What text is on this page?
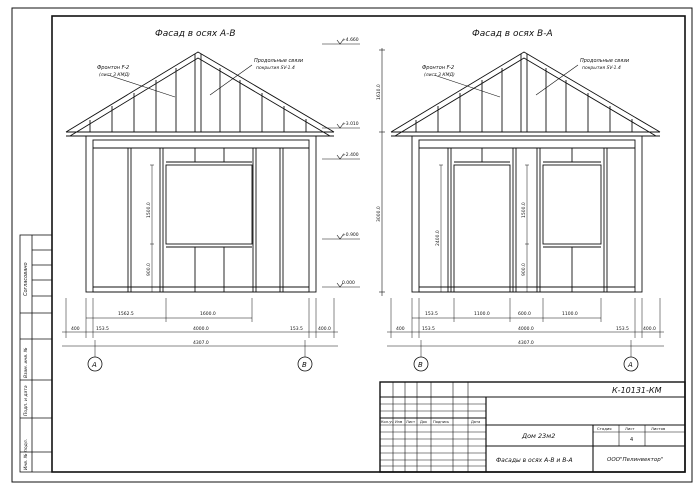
Согласовано
Взам. инв. №
Подп. и дата
Инв. № подл.
Фасад в осях А-В
Фронтон F-2
(лист 3 КМД)
Продольные связи
покрытия SV-1.4
1500.0
900.0
1562.5	1600.0
400	153.5	4000.0	153.5	400.0
4307.0
А	В
+4.660
+3.010
+2.400
+0.900
0.000
1610.0
3000.0
Фасад в осях В-А
Фронтон F-2
(лист 3 КМД)
Продольные связи
покрытия SV-1.4
2400.0
1500.0
900.0
153.5	1100.0	600.0	1100.0
400	153.5	4000.0	153.5	400.0
4307.0
В	А
К-10131-КМ
Кол.уч Изм Лист Док Подпись	Дата
Дом 23м2
Фасады в осях А-В и В-А
Стадия	Лист	Листов
4
ООО"Пелинвектор"
